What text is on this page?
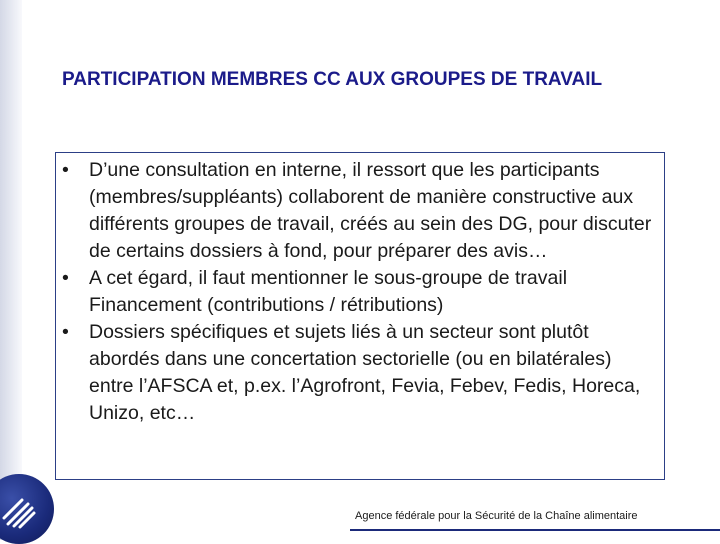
PARTICIPATION MEMBRES CC AUX GROUPES DE TRAVAIL
• D’une consultation en interne, il ressort que les participants (membres/suppléants) collaborent de manière constructive aux différents groupes de travail, créés au sein des DG, pour discuter de certains dossiers à fond, pour préparer des avis…
• A cet égard, il faut mentionner le sous-groupe de travail Financement (contributions / rétributions)
• Dossiers spécifiques et sujets liés à un secteur sont plutôt abordés dans une concertation sectorielle (ou en bilatérales) entre l’AFSCA et, p.ex. l’Agrofront, Fevia, Febev, Fedis, Horeca, Unizo, etc…
Agence fédérale pour la Sécurité de la Chaîne alimentaire
